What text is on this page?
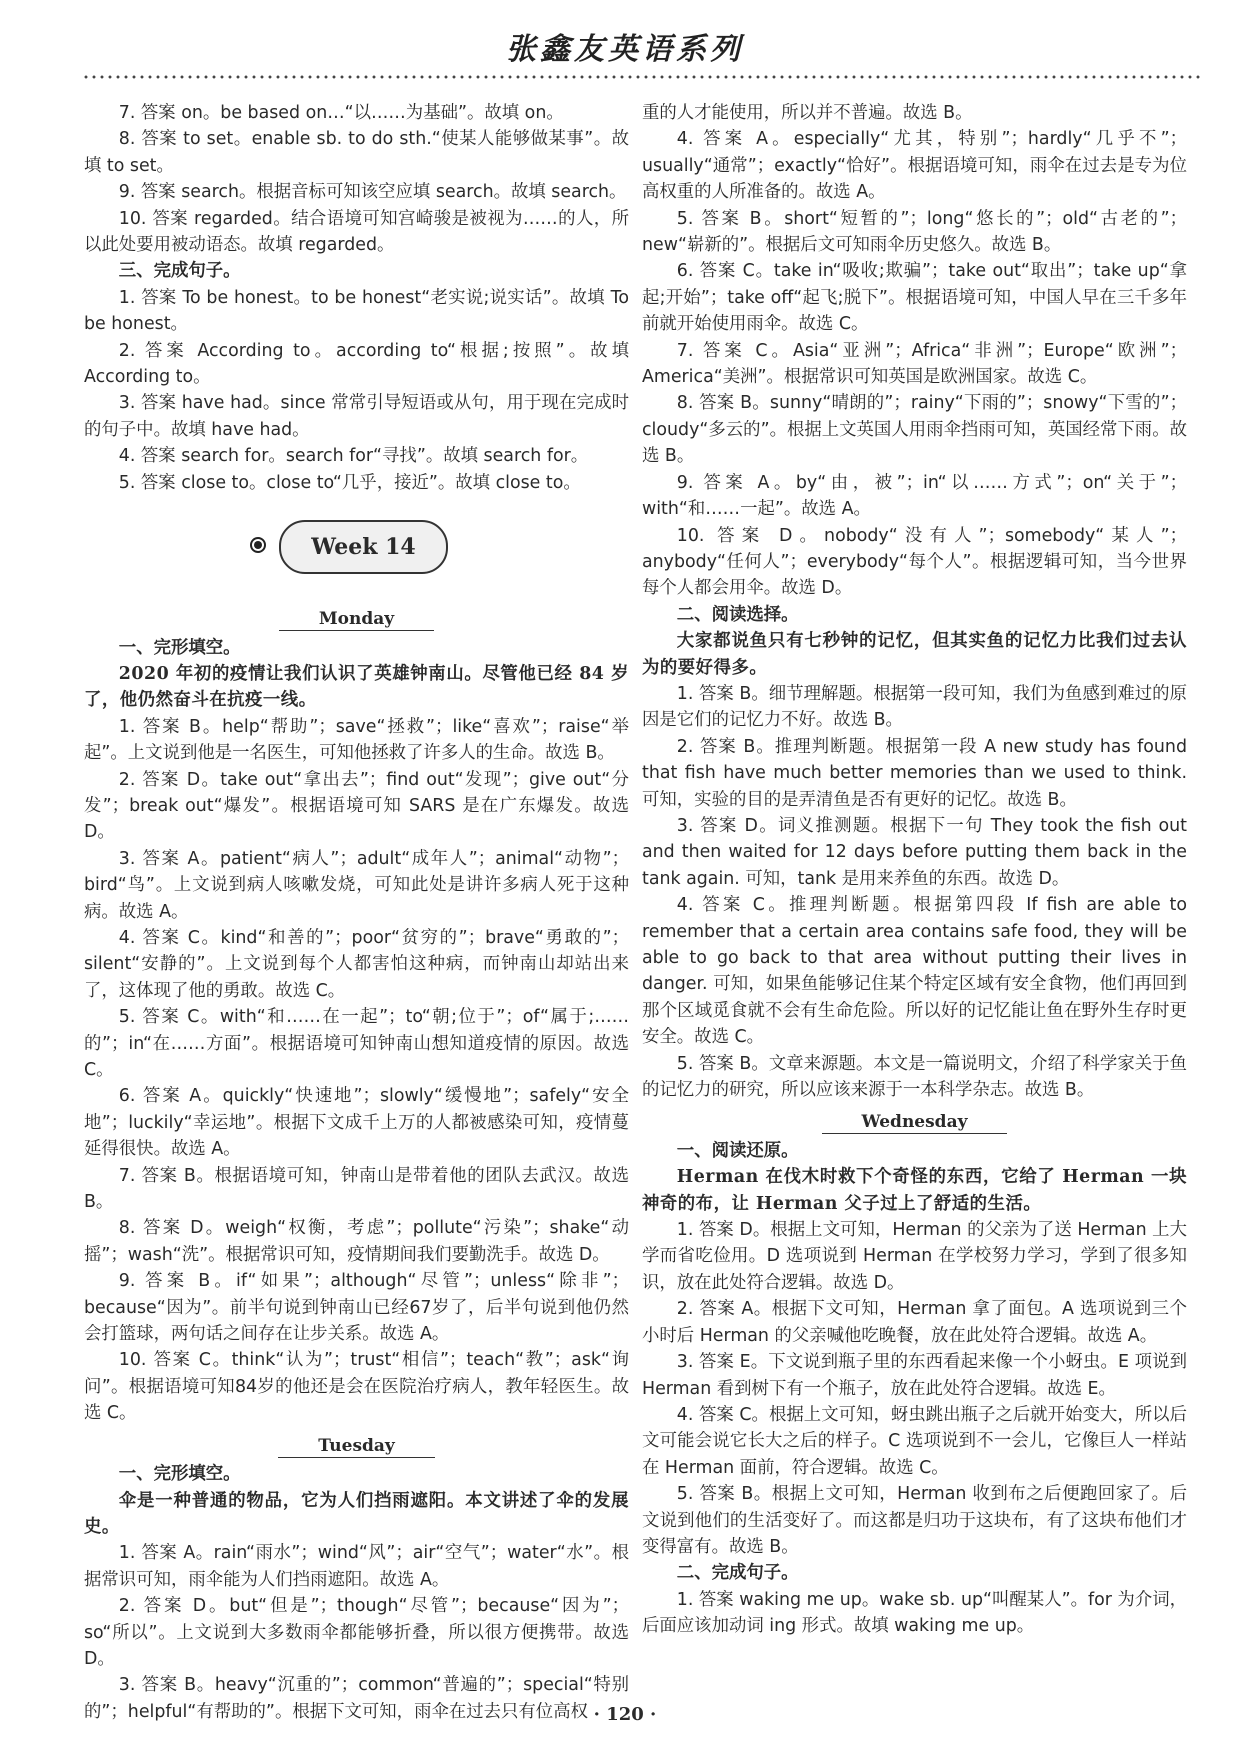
张鑫友英语系列

7. 答案 on。be based on…“以……为基础”。故填 on。

8. 答案 to set。enable sb. to do sth.“使某人能够做某事”。故填 to set。

9. 答案 search。根据音标可知该空应填 search。故填 search。

10. 答案 regarded。结合语境可知宫崎骏是被视为……的人，所以此处要用被动语态。故填 regarded。

三、完成句子。

1. 答案 To be honest。to be honest“老实说;说实话”。故填 To be honest。

2. 答案 According to。according to“根据;按照”。故填 According to。

3. 答案 have had。since 常常引导短语或从句，用于现在完成时的句子中。故填 have had。

4. 答案 search for。search for“寻找”。故填 search for。

5. 答案 close to。close to“几乎，接近”。故填 close to。

Week 14
Monday

一、完形填空。

2020 年初的疫情让我们认识了英雄钟南山。尽管他已经 84 岁了，他仍然奋斗在抗疫一线。

1. 答案 B。help“帮助”；save“拯救”；like“喜欢”；raise“举起”。上文说到他是一名医生，可知他拯救了许多人的生命。故选 B。

2. 答案 D。take out“拿出去”；find out“发现”；give out“分发”；break out“爆发”。根据语境可知 SARS 是在广东爆发。故选 D。

3. 答案 A。patient“病人”；adult“成年人”；animal“动物”；bird“鸟”。上文说到病人咳嗽发烧，可知此处是讲许多病人死于这种病。故选 A。

4. 答案 C。kind“和善的”；poor“贫穷的”；brave“勇敢的”；silent“安静的”。上文说到每个人都害怕这种病，而钟南山却站出来了，这体现了他的勇敢。故选 C。

5. 答案 C。with“和……在一起”；to“朝;位于”；of“属于;……的”；in“在……方面”。根据语境可知钟南山想知道疫情的原因。故选 C。

6. 答案 A。quickly“快速地”；slowly“缓慢地”；safely“安全地”；luckily“幸运地”。根据下文成千上万的人都被感染可知，疫情蔓延得很快。故选 A。

7. 答案 B。根据语境可知，钟南山是带着他的团队去武汉。故选 B。

8. 答案 D。weigh“权衡，考虑”；pollute“污染”；shake“动摇”；wash“洗”。根据常识可知，疫情期间我们要勤洗手。故选 D。

9. 答案 B。if“如果”；although“尽管”；unless“除非”；because“因为”。前半句说到钟南山已经67岁了，后半句说到他仍然会打篮球，两句话之间存在让步关系。故选 A。

10. 答案 C。think“认为”；trust“相信”；teach“教”；ask“询问”。根据语境可知84岁的他还是会在医院治疗病人，教年轻医生。故选 C。

Tuesday

一、完形填空。

伞是一种普通的物品，它为人们挡雨遮阳。本文讲述了伞的发展史。

1. 答案 A。rain“雨水”；wind“风”；air“空气”；water“水”。根据常识可知，雨伞能为人们挡雨遮阳。故选 A。

2. 答案 D。but“但是”；though“尽管”；because“因为”；so“所以”。上文说到大多数雨伞都能够折叠，所以很方便携带。故选 D。

3. 答案 B。heavy“沉重的”；common“普遍的”；special“特别的”；helpful“有帮助的”。根据下文可知，雨伞在过去只有位高权

重的人才能使用，所以并不普遍。故选 B。

4. 答案 A。especially“尤其，特别”；hardly“几乎不”；usually“通常”；exactly“恰好”。根据语境可知，雨伞在过去是专为位高权重的人所准备的。故选 A。

5. 答案 B。short“短暂的”；long“悠长的”；old“古老的”；new“崭新的”。根据后文可知雨伞历史悠久。故选 B。

6. 答案 C。take in“吸收;欺骗”；take out“取出”；take up“拿起;开始”；take off“起飞;脱下”。根据语境可知，中国人早在三千多年前就开始使用雨伞。故选 C。

7. 答案 C。Asia“亚洲”；Africa“非洲”；Europe“欧洲”；America“美洲”。根据常识可知英国是欧洲国家。故选 C。

8. 答案 B。sunny“晴朗的”；rainy“下雨的”；snowy“下雪的”；cloudy“多云的”。根据上文英国人用雨伞挡雨可知，英国经常下雨。故选 B。

9. 答案 A。by“由，被”；in“以……方式”；on“关于”；with“和……一起”。故选 A。

10. 答案 D。nobody“没有人”；somebody“某人”；anybody“任何人”；everybody“每个人”。根据逻辑可知，当今世界每个人都会用伞。故选 D。

二、阅读选择。

大家都说鱼只有七秒钟的记忆，但其实鱼的记忆力比我们过去认为的要好得多。

1. 答案 B。细节理解题。根据第一段可知，我们为鱼感到难过的原因是它们的记忆力不好。故选 B。

2. 答案 B。推理判断题。根据第一段 A new study has found that fish have much better memories than we used to think. 可知，实验的目的是弄清鱼是否有更好的记忆。故选 B。

3. 答案 D。词义推测题。根据下一句 They took the fish out and then waited for 12 days before putting them back in the tank again. 可知，tank 是用来养鱼的东西。故选 D。

4. 答案 C。推理判断题。根据第四段 If fish are able to remember that a certain area contains safe food, they will be able to go back to that area without putting their lives in danger. 可知，如果鱼能够记住某个特定区域有安全食物，他们再回到那个区域觅食就不会有生命危险。所以好的记忆能让鱼在野外生存时更安全。故选 C。

5. 答案 B。文章来源题。本文是一篇说明文，介绍了科学家关于鱼的记忆力的研究，所以应该来源于一本科学杂志。故选 B。

Wednesday

一、阅读还原。

Herman 在伐木时救下个奇怪的东西，它给了 Herman 一块神奇的布，让 Herman 父子过上了舒适的生活。

1. 答案 D。根据上文可知，Herman 的父亲为了送 Herman 上大学而省吃俭用。D 选项说到 Herman 在学校努力学习，学到了很多知识，放在此处符合逻辑。故选 D。

2. 答案 A。根据下文可知，Herman 拿了面包。A 选项说到三个小时后 Herman 的父亲喊他吃晚餐，放在此处符合逻辑。故选 A。

3. 答案 E。下文说到瓶子里的东西看起来像一个小蚜虫。E 项说到 Herman 看到树下有一个瓶子，放在此处符合逻辑。故选 E。

4. 答案 C。根据上文可知，蚜虫跳出瓶子之后就开始变大，所以后文可能会说它长大之后的样子。C 选项说到不一会儿，它像巨人一样站在 Herman 面前，符合逻辑。故选 C。

5. 答案 B。根据上文可知，Herman 收到布之后便跑回家了。后文说到他们的生活变好了。而这都是归功于这块布，有了这块布他们才变得富有。故选 B。

二、完成句子。

1. 答案 waking me up。wake sb. up“叫醒某人”。for 为介词，后面应该加动词 ing 形式。故填 waking me up。

· 120 ·
